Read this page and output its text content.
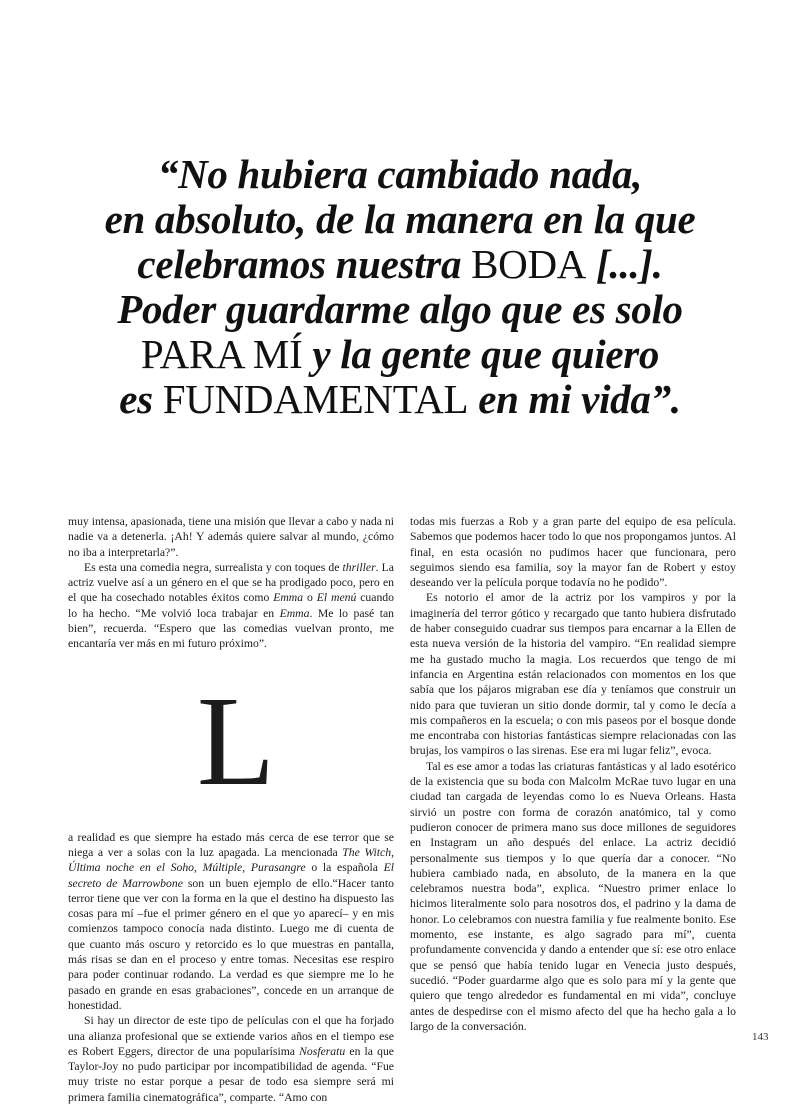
“No hubiera cambiado nada,
en absoluto, de la manera en la que
celebramos nuestra BODA [...].
Poder guardarme algo que es solo
PARA MÍ y la gente que quiero
es FUNDAMENTAL en mi vida”.

muy intensa, apasionada, tiene una misión que llevar a cabo y nada ni nadie va a detenerla. ¡Ah! Y además quiere salvar al mundo, ¿cómo no iba a interpretarla?”.

Es esta una comedia negra, surrealista y con toques de thriller. La actriz vuelve así a un género en el que se ha prodigado poco, pero en el que ha cosechado notables éxitos como Emma o El menú cuando lo ha hecho. “Me volvió loca trabajar en Emma. Me lo pasé tan bien”, recuerda. “Espero que las comedias vuelvan pronto, me encantaría ver más en mi futuro próximo”.

L

a realidad es que siempre ha estado más cerca de ese terror que se niega a ver a solas con la luz apagada. La mencionada The Witch, Última noche en el Soho, Múltiple, Purasangre o la española El secreto de Marrowbone son un buen ejemplo de ello.“Hacer tanto terror tiene que ver con la forma en la que el destino ha dispuesto las cosas para mí –fue el primer género en el que yo aparecí– y en mis comienzos tampoco conocía nada distinto. Luego me di cuenta de que cuanto más oscuro y retorcido es lo que muestras en pantalla, más risas se dan en el proceso y entre tomas. Necesitas ese respiro para poder continuar rodando. La verdad es que siempre me lo he pasado en grande en esas grabaciones”, concede en un arranque de honestidad.

Si hay un director de este tipo de películas con el que ha forjado una alianza profesional que se extiende varios años en el tiempo ese es Robert Eggers, director de una popularísima Nosferatu en la que Taylor-Joy no pudo participar por incompatibilidad de agenda. “Fue muy triste no estar porque a pesar de todo esa siempre será mi primera familia cinematográfica”, comparte. “Amo con

todas mis fuerzas a Rob y a gran parte del equipo de esa película. Sabemos que podemos hacer todo lo que nos propongamos juntos. Al final, en esta ocasión no pudimos hacer que funcionara, pero seguimos siendo esa familia, soy la mayor fan de Robert y estoy deseando ver la película porque todavía no he podido”.

Es notorio el amor de la actriz por los vampiros y por la imaginería del terror gótico y recargado que tanto hubiera disfrutado de haber conseguido cuadrar sus tiempos para encarnar a la Ellen de esta nueva versión de la historia del vampiro. “En realidad siempre me ha gustado mucho la magia. Los recuerdos que tengo de mi infancia en Argentina están relacionados con momentos en los que sabía que los pájaros migraban ese día y teníamos que construir un nido para que tuvieran un sitio donde dormir, tal y como le decía a mis compañeros en la escuela; o con mis paseos por el bosque donde me encontraba con historias fantásticas siempre relacionadas con las brujas, los vampiros o las sirenas. Ese era mi lugar feliz”, evoca.

Tal es ese amor a todas las criaturas fantásticas y al lado esotérico de la existencia que su boda con Malcolm McRae tuvo lugar en una ciudad tan cargada de leyendas como lo es Nueva Orleans. Hasta sirvió un postre con forma de corazón anatómico, tal y como pudieron conocer de primera mano sus doce millones de seguidores en Instagram un año después del enlace. La actriz decidió personalmente sus tiempos y lo que quería dar a conocer. “No hubiera cambiado nada, en absoluto, de la manera en la que celebramos nuestra boda”, explica. “Nuestro primer enlace lo hicimos literalmente solo para nosotros dos, el padrino y la dama de honor. Lo celebramos con nuestra familia y fue realmente bonito. Ese momento, ese instante, es algo sagrado para mí”, cuenta profundamente convencida y dando a entender que sí: ese otro enlace que se pensó que había tenido lugar en Venecia justo después, sucedió. “Poder guardarme algo que es solo para mí y la gente que quiero que tengo alrededor es fundamental en mi vida”, concluye antes de despedirse con el mismo afecto del que ha hecho gala a lo largo de la conversación.

143
